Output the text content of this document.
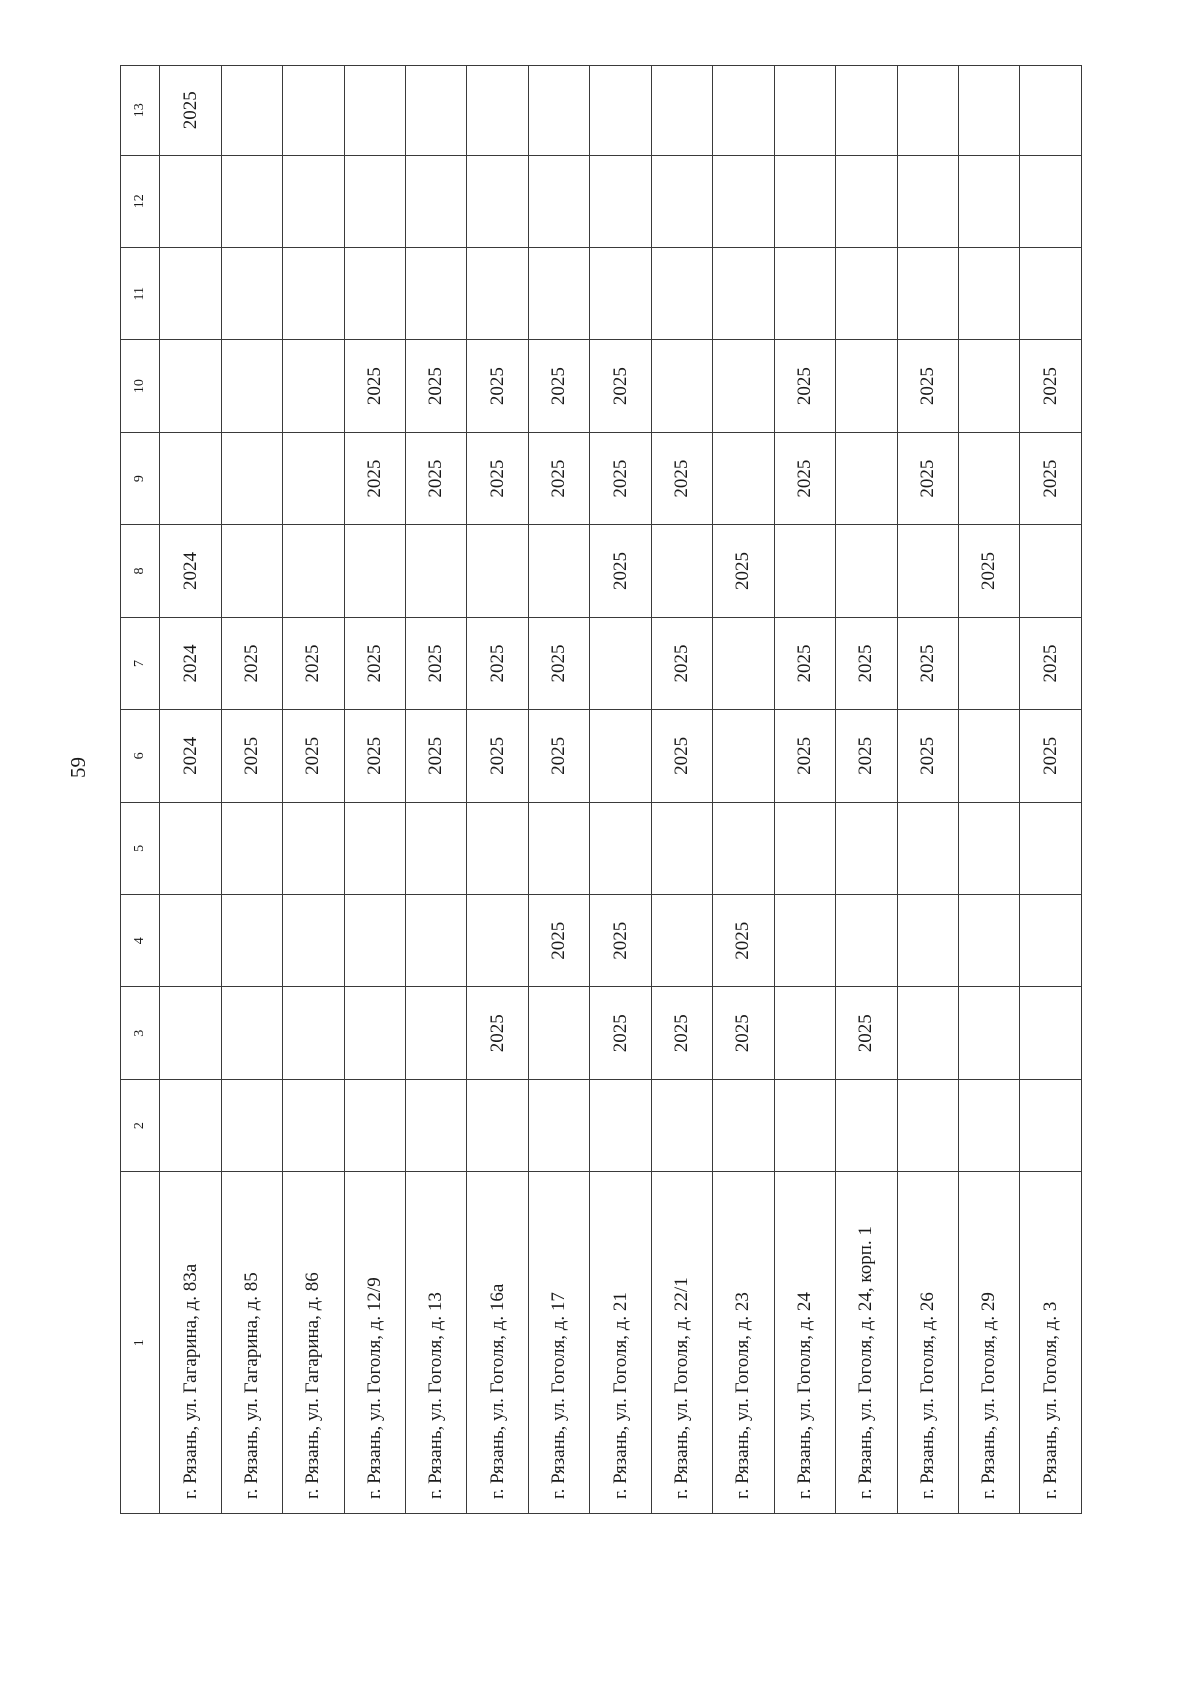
59
1	2	3	4	5	6	7	8	9	10	11	12	13
г. Рязань, ул. Гагарина, д. 83а					2024	2024	2024					2025
г. Рязань, ул. Гагарина, д. 85					2025	2025						
г. Рязань, ул. Гагарина, д. 86					2025	2025						
г. Рязань, ул. Гоголя, д. 12/9					2025	2025		2025	2025			
г. Рязань, ул. Гоголя, д. 13					2025	2025		2025	2025			
г. Рязань, ул. Гоголя, д. 16а		2025			2025	2025		2025	2025			
г. Рязань, ул. Гоголя, д. 17			2025		2025	2025		2025	2025			
г. Рязань, ул. Гоголя, д. 21		2025	2025				2025	2025	2025			
г. Рязань, ул. Гоголя, д. 22/1		2025			2025	2025		2025				
г. Рязань, ул. Гоголя, д. 23		2025	2025				2025					
г. Рязань, ул. Гоголя, д. 24					2025	2025		2025	2025			
г. Рязань, ул. Гоголя, д. 24, корп. 1		2025			2025	2025						
г. Рязань, ул. Гоголя, д. 26					2025	2025		2025	2025			
г. Рязань, ул. Гоголя, д. 29							2025					
г. Рязань, ул. Гоголя, д. 3					2025	2025		2025	2025			
